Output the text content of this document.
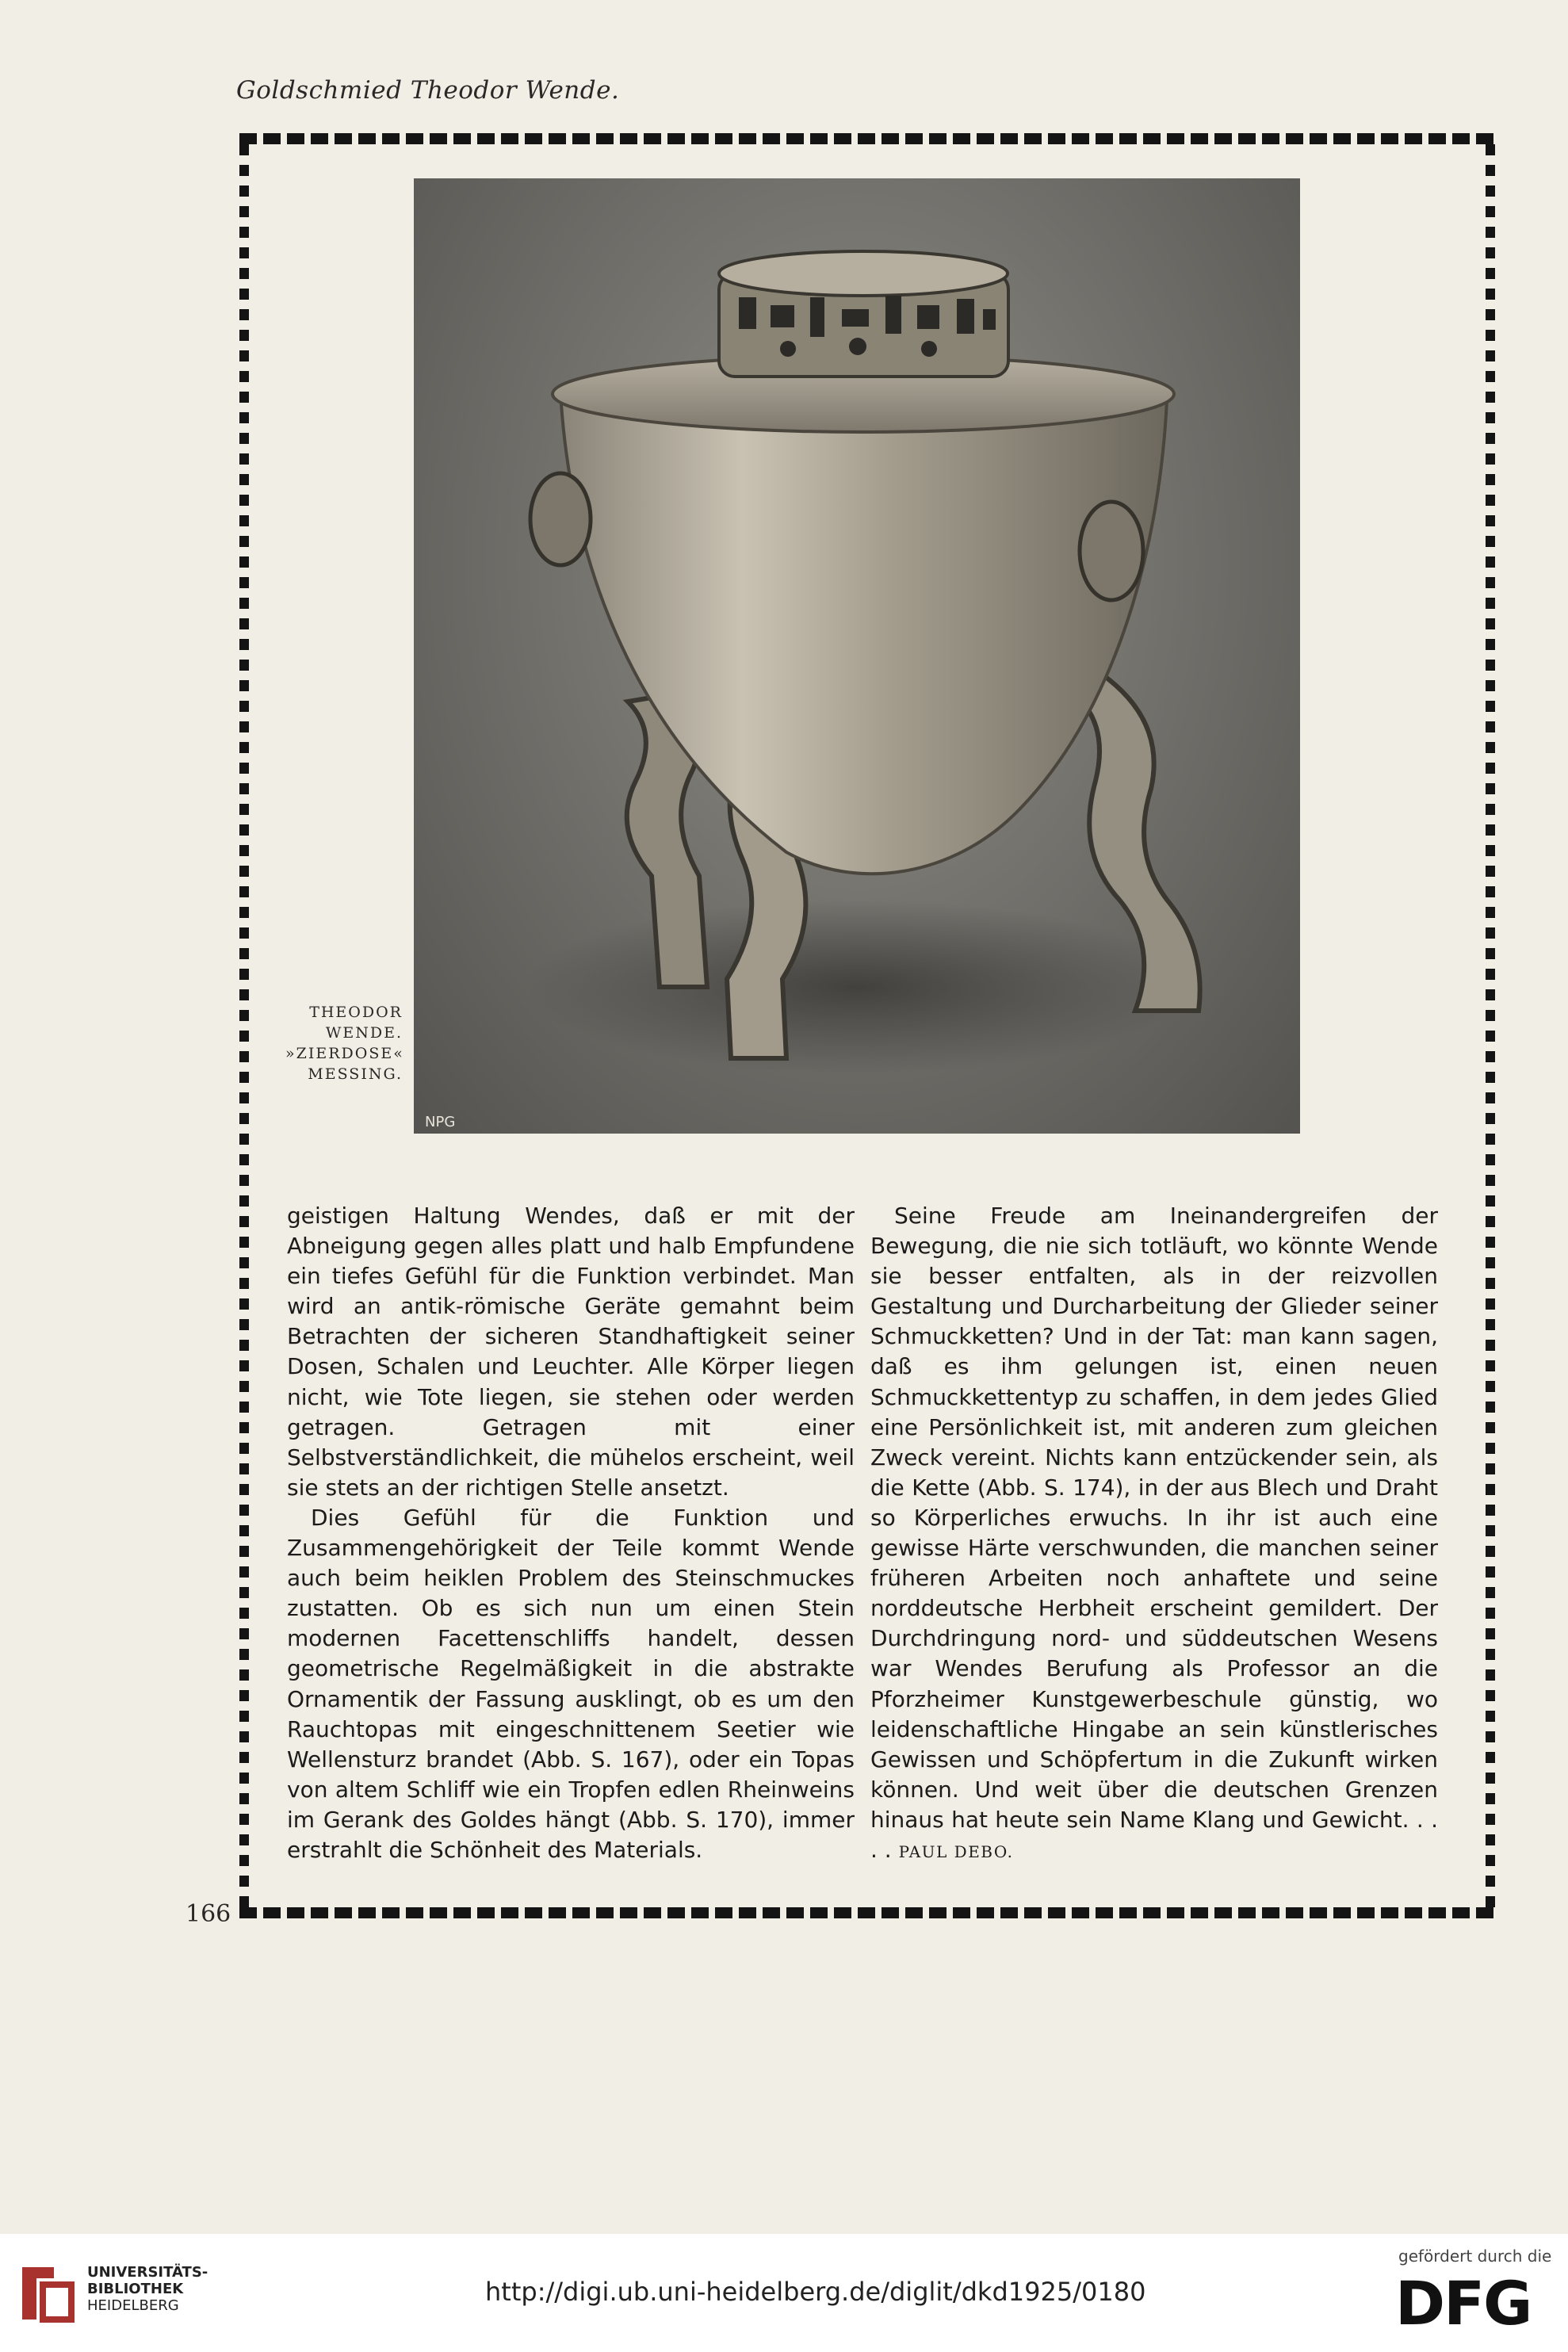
Goldschmied Theodor Wende.
NPG
THEODOR
WENDE.
»ZIERDOSE«
MESSING.

geistigen Haltung Wendes, daß er mit der Abneigung gegen alles platt und halb Empfundene ein tiefes Gefühl für die Funktion verbindet. Man wird an antik-römische Geräte gemahnt beim Betrachten der sicheren Standhaftigkeit seiner Dosen, Schalen und Leuchter. Alle Körper liegen nicht, wie Tote liegen, sie stehen oder werden getragen. Getragen mit einer Selbstverständlichkeit, die mühelos erscheint, weil sie stets an der richtigen Stelle ansetzt.

Dies Gefühl für die Funktion und Zusammengehörigkeit der Teile kommt Wende auch beim heiklen Problem des Steinschmuckes zustatten. Ob es sich nun um einen Stein modernen Facettenschliffs handelt, dessen geometrische Regelmäßigkeit in die abstrakte Ornamentik der Fassung ausklingt, ob es um den Rauchtopas mit eingeschnittenem Seetier wie Wellensturz brandet (Abb. S. 167), oder ein Topas von altem Schliff wie ein Tropfen edlen Rheinweins im Gerank des Goldes hängt (Abb. S. 170), immer erstrahlt die Schönheit des Materials.

Seine Freude am Ineinandergreifen der Bewegung, die nie sich totläuft, wo könnte Wende sie besser entfalten, als in der reizvollen Gestaltung und Durcharbeitung der Glieder seiner Schmuckketten? Und in der Tat: man kann sagen, daß es ihm gelungen ist, einen neuen Schmuckkettentyp zu schaffen, in dem jedes Glied eine Persönlichkeit ist, mit anderen zum gleichen Zweck vereint. Nichts kann entzückender sein, als die Kette (Abb. S. 174), in der aus Blech und Draht so Körperliches erwuchs. In ihr ist auch eine gewisse Härte verschwunden, die manchen seiner früheren Arbeiten noch anhaftete und seine norddeutsche Herbheit erscheint gemildert. Der Durchdringung nord- und süddeutschen Wesens war Wendes Berufung als Professor an die Pforzheimer Kunstgewerbeschule günstig, wo leidenschaftliche Hingabe an sein künstlerisches Gewissen und Schöpfertum in die Zukunft wirken können. Und weit über die deutschen Grenzen hinaus hat heute sein Name Klang und Gewicht. . . . . PAUL DEBO.

166
UNIVERSITÄTS-
BIBLIOTHEK
HEIDELBERG	http://digi.ub.uni-heidelberg.de/diglit/dkd1925/0180
gefördert durch die
DFG
